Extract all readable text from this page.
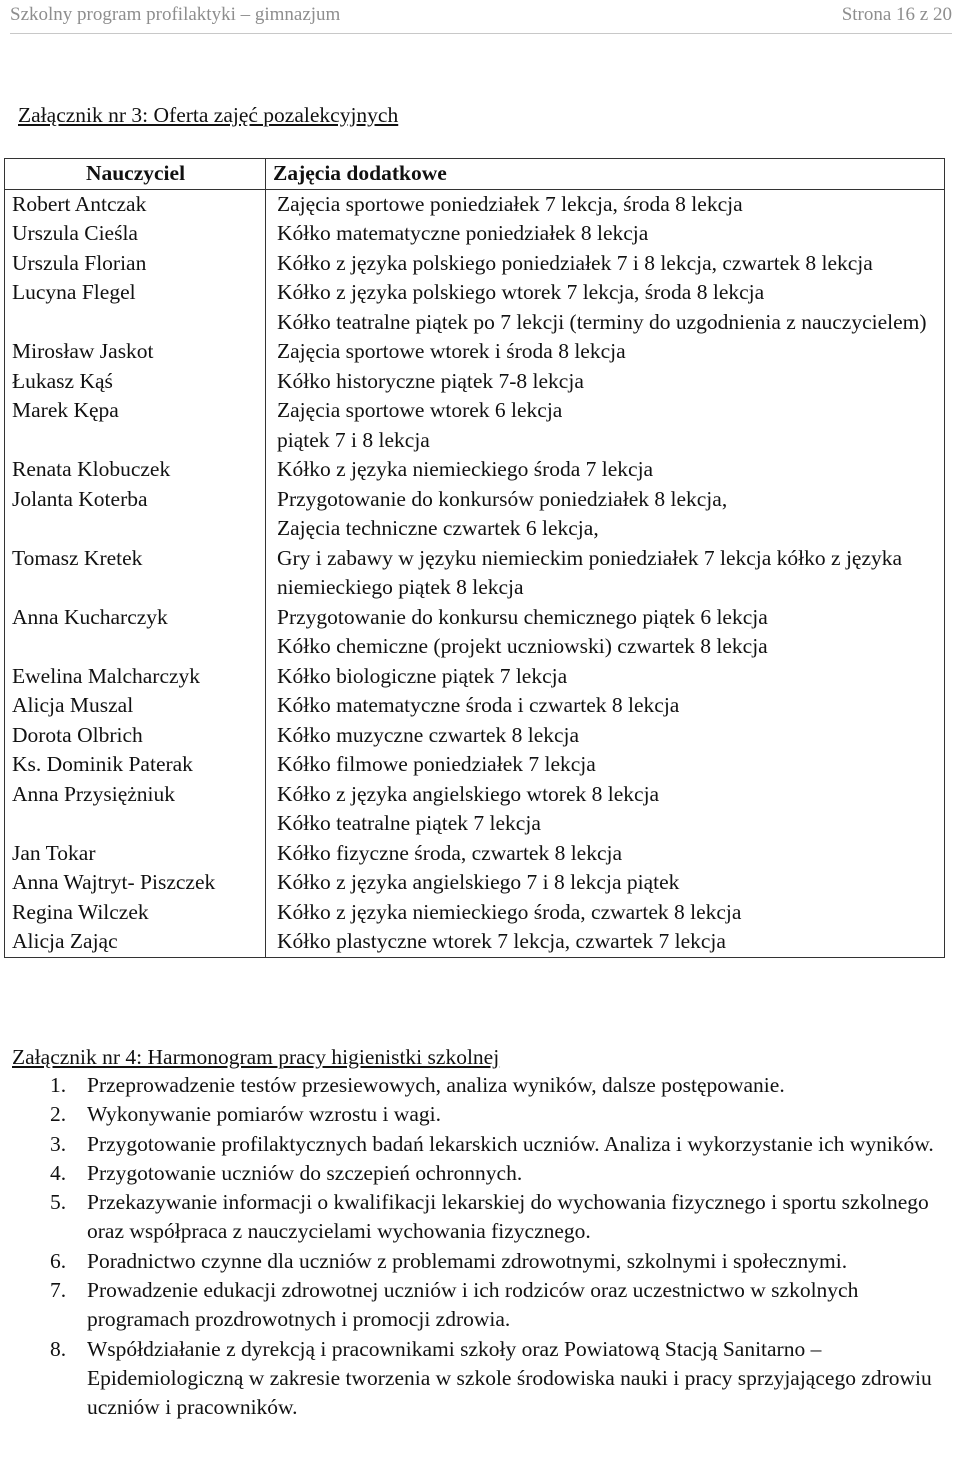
Szkolny program profilaktyki – gimnazjum	Strona 16 z 20
Załącznik nr 3: Oferta zajęć pozalekcyjnych
Nauczyciel	Zajęcia dodatkowe
Robert Antczak	Zajęcia sportowe poniedziałek 7 lekcja, środa 8 lekcja

Urszula Cieśla	Kółko matematyczne poniedziałek 8 lekcja

Urszula Florian	Kółko z języka polskiego poniedziałek 7 i 8 lekcja, czwartek 8 lekcja

Lucyna Flegel	Kółko z języka polskiego wtorek 7 lekcja, środa 8 lekcja
Kółko teatralne piątek po 7 lekcji (terminy do uzgodnienia z nauczycielem)

Mirosław Jaskot	Zajęcia sportowe wtorek i środa 8 lekcja

Łukasz Kąś	Kółko historyczne piątek 7-8 lekcja

Marek Kępa	Zajęcia sportowe wtorek 6 lekcja
piątek 7 i 8 lekcja

Renata Klobuczek	Kółko z języka niemieckiego środa 7 lekcja

Jolanta Koterba	Przygotowanie do konkursów poniedziałek 8 lekcja,
Zajęcia techniczne czwartek 6 lekcja,

Tomasz Kretek	Gry i zabawy w języku niemieckim poniedziałek 7 lekcja kółko z języka niemieckiego piątek 8 lekcja

Anna Kucharczyk	Przygotowanie do konkursu chemicznego piątek 6 lekcja
Kółko chemiczne (projekt uczniowski) czwartek 8 lekcja

Ewelina Malcharczyk	Kółko biologiczne piątek 7 lekcja

Alicja Muszal	Kółko matematyczne środa i czwartek 8 lekcja

Dorota Olbrich	Kółko muzyczne czwartek 8 lekcja

Ks. Dominik Paterak	Kółko filmowe poniedziałek 7 lekcja

Anna Przysiężniuk	Kółko z języka angielskiego wtorek 8 lekcja
Kółko teatralne piątek 7 lekcja

Jan Tokar	Kółko fizyczne środa, czwartek 8 lekcja

Anna Wajtryt- Piszczek	Kółko z języka angielskiego 7 i 8 lekcja piątek

Regina Wilczek	Kółko z języka niemieckiego środa, czwartek 8 lekcja

Alicja Zając	Kółko plastyczne wtorek 7 lekcja, czwartek 7 lekcja
Załącznik nr 4: Harmonogram pracy higienistki szkolnej
1. Przeprowadzenie testów przesiewowych, analiza wyników, dalsze postępowanie.
2. Wykonywanie pomiarów wzrostu i wagi.
3. Przygotowanie profilaktycznych badań lekarskich uczniów. Analiza i wykorzystanie ich wyników.
4. Przygotowanie uczniów do szczepień ochronnych.
5. Przekazywanie informacji o kwalifikacji lekarskiej do wychowania fizycznego i sportu szkolnego oraz współpraca z nauczycielami wychowania fizycznego.
6. Poradnictwo czynne dla uczniów z problemami zdrowotnymi, szkolnymi i społecznymi.
7. Prowadzenie edukacji zdrowotnej uczniów i ich rodziców oraz uczestnictwo w szkolnych programach prozdrowotnych i promocji zdrowia.
8. Współdziałanie z dyrekcją i pracownikami szkoły oraz Powiatową Stacją Sanitarno – Epidemiologiczną w zakresie tworzenia w szkole środowiska nauki i pracy sprzyjającego zdrowiu uczniów i pracowników.
